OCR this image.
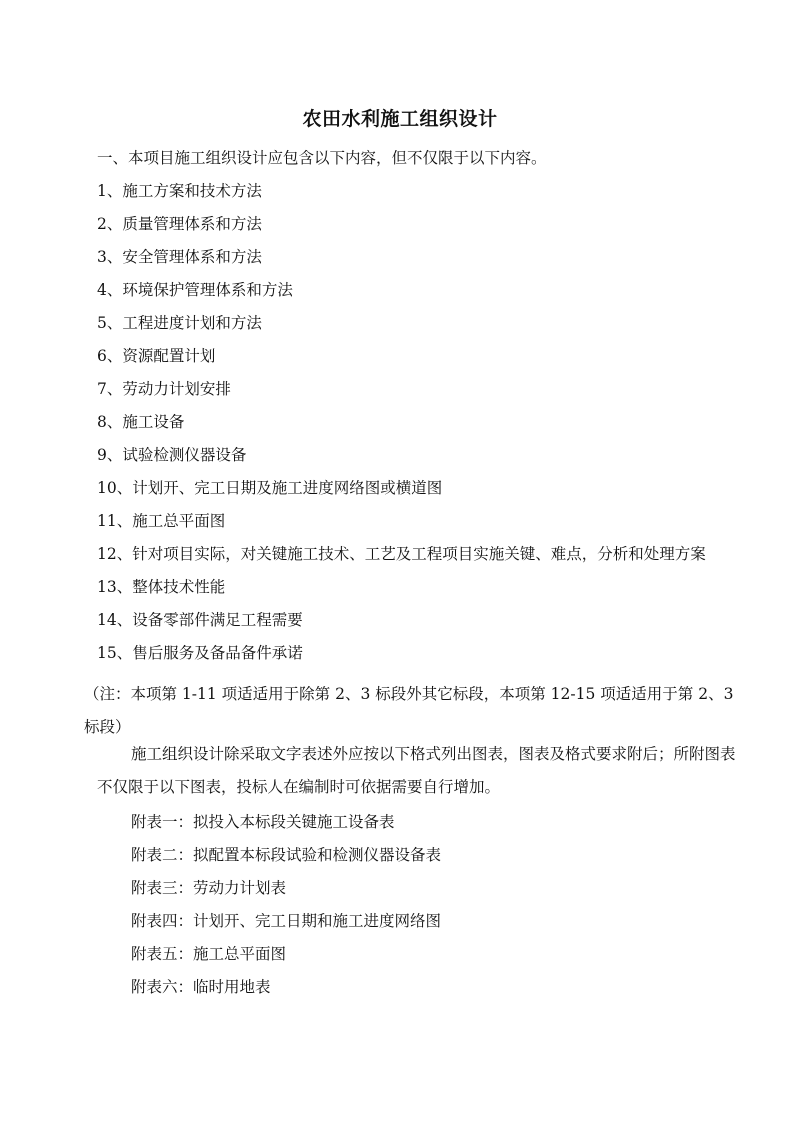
农田水利施工组织设计
一、本项目施工组织设计应包含以下内容，但不仅限于以下内容。
1、施工方案和技术方法
2、质量管理体系和方法
3、安全管理体系和方法
4、环境保护管理体系和方法
5、工程进度计划和方法
6、资源配置计划
7、劳动力计划安排
8、施工设备
9、试验检测仪器设备
10、计划开、完工日期及施工进度网络图或横道图
11、施工总平面图
12、针对项目实际，对关键施工技术、工艺及工程项目实施关键、难点，分析和处理方案
13、整体技术性能
14、设备零部件满足工程需要
15、售后服务及备品备件承诺
（注：本项第 1-11 项适适用于除第 2、3 标段外其它标段，本项第 12-15 项适适用于第 2、3 标段）
施工组织设计除采取文字表述外应按以下格式列出图表，图表及格式要求附后；所附图表不仅限于以下图表，投标人在编制时可依据需要自行增加。
附表一：拟投入本标段关键施工设备表
附表二：拟配置本标段试验和检测仪器设备表
附表三：劳动力计划表
附表四：计划开、完工日期和施工进度网络图
附表五：施工总平面图
附表六：临时用地表
